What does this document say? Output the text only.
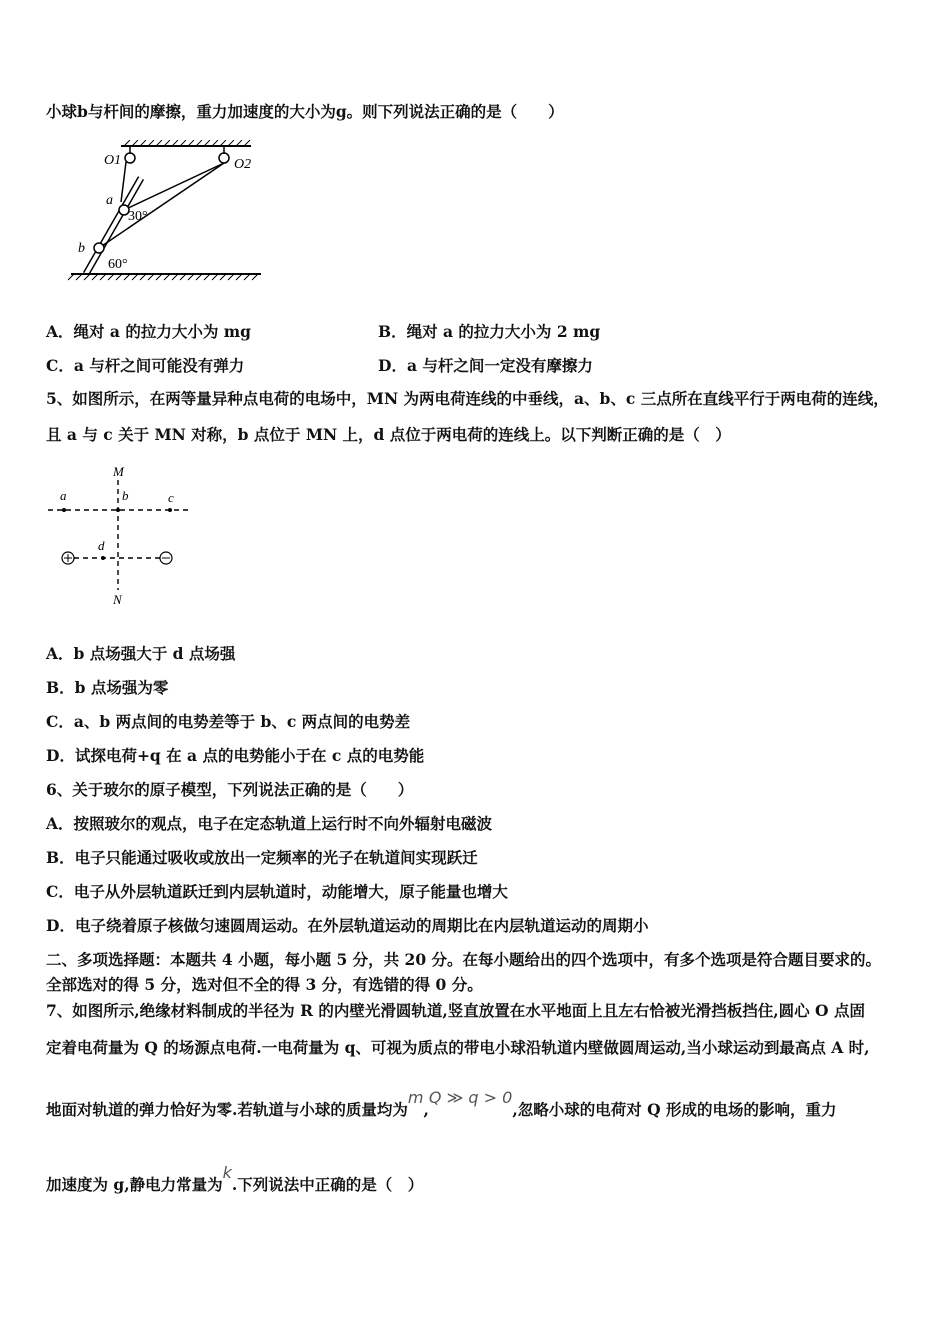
小球b与杆间的摩擦，重力加速度的大小为g。则下列说法正确的是（　　）
O1	O2
a
b
30°
60°
A．绳对 a 的拉力大小为 mg	B．绳对 a 的拉力大小为 2 mg
C．a 与杆之间可能没有弹力	D．a 与杆之间一定没有摩擦力
5、如图所示，在两等量异种点电荷的电场中，MN 为两电荷连线的中垂线，a、b、c 三点所在直线平行于两电荷的连线，
且 a 与 c 关于 MN 对称，b 点位于 MN 上，d 点位于两电荷的连线上。以下判断正确的是（　）
M
N
a	b	c
d
A．b 点场强大于 d 点场强
B．b 点场强为零
C．a、b 两点间的电势差等于 b、c 两点间的电势差
D．试探电荷+q 在 a 点的电势能小于在 c 点的电势能
6、关于玻尔的原子模型，下列说法正确的是（　　）
A．按照玻尔的观点，电子在定态轨道上运行时不向外辐射电磁波
B．电子只能通过吸收或放出一定频率的光子在轨道间实现跃迁
C．电子从外层轨道跃迁到内层轨道时，动能增大，原子能量也增大
D．电子绕着原子核做匀速圆周运动。在外层轨道运动的周期比在内层轨道运动的周期小
二、多项选择题：本题共 4 小题，每小题 5 分，共 20 分。在每小题给出的四个选项中，有多个选项是符合题目要求的。
全部选对的得 5 分，选对但不全的得 3 分，有选错的得 0 分。
7、如图所示,绝缘材料制成的半径为 R 的内壁光滑圆轨道,竖直放置在水平地面上且左右恰被光滑挡板挡住,圆心 O 点固
定着电荷量为 Q 的场源点电荷.一电荷量为 q、可视为质点的带电小球沿轨道内壁做圆周运动,当小球运动到最高点 A 时,
地面对轨道的弹力恰好为零.若轨道与小球的质量均为m,Q ≫ q > 0,忽略小球的电荷对 Q 形成的电场的影响，重力
加速度为 g,静电力常量为k.下列说法中正确的是（　）
